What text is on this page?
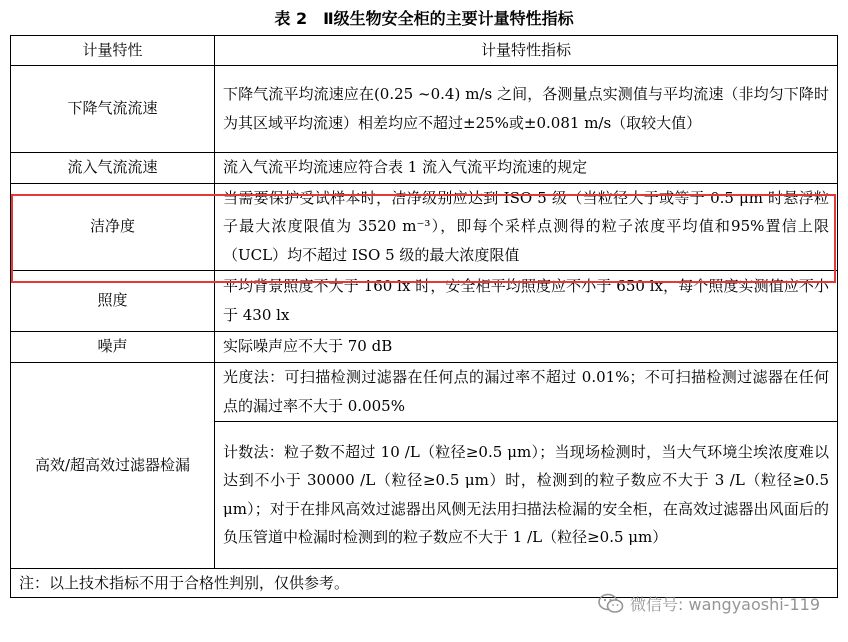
表 2　Ⅱ级生物安全柜的主要计量特性指标
计量特性	计量特性指标
下降气流流速	下降气流平均流速应在(0.25 ~0.4) m/s 之间，各测量点实测值与平均流速（非均匀下降时为其区域平均流速）相差均应不超过±25%或±0.081 m/s（取较大值）
流入气流流速	流入气流平均流速应符合表 1 流入气流平均流速的规定
洁净度	当需要保护受试样本时，洁净级别应达到 ISO 5 级（当粒径大于或等于 0.5 μm 时悬浮粒子最大浓度限值为 3520 m⁻³），即每个采样点测得的粒子浓度平均值和95%置信上限（UCL）均不超过 ISO 5 级的最大浓度限值
照度	平均背景照度不大于 160 lx 时，安全柜平均照度应不小于 650 lx，每个照度实测值应不小于 430 lx
噪声	实际噪声应不大于 70 dB
高效/超高效过滤器检漏	光度法：可扫描检测过滤器在任何点的漏过率不超过 0.01%；不可扫描检测过滤器在任何点的漏过率不大于 0.005%
	计数法：粒子数不超过 10 /L（粒径≥0.5 μm）；当现场检测时，当大气环境尘埃浓度难以达到不小于 30000 /L（粒径≥0.5 μm）时，检测到的粒子数应不大于 3 /L（粒径≥0.5 μm）；对于在排风高效过滤器出风侧无法用扫描法检漏的安全柜，在高效过滤器出风面后的负压管道中检漏时检测到的粒子数应不大于 1 /L（粒径≥0.5 μm）
注：以上技术指标不用于合格性判别，仅供参考。	
微信号: wangyaoshi-119
